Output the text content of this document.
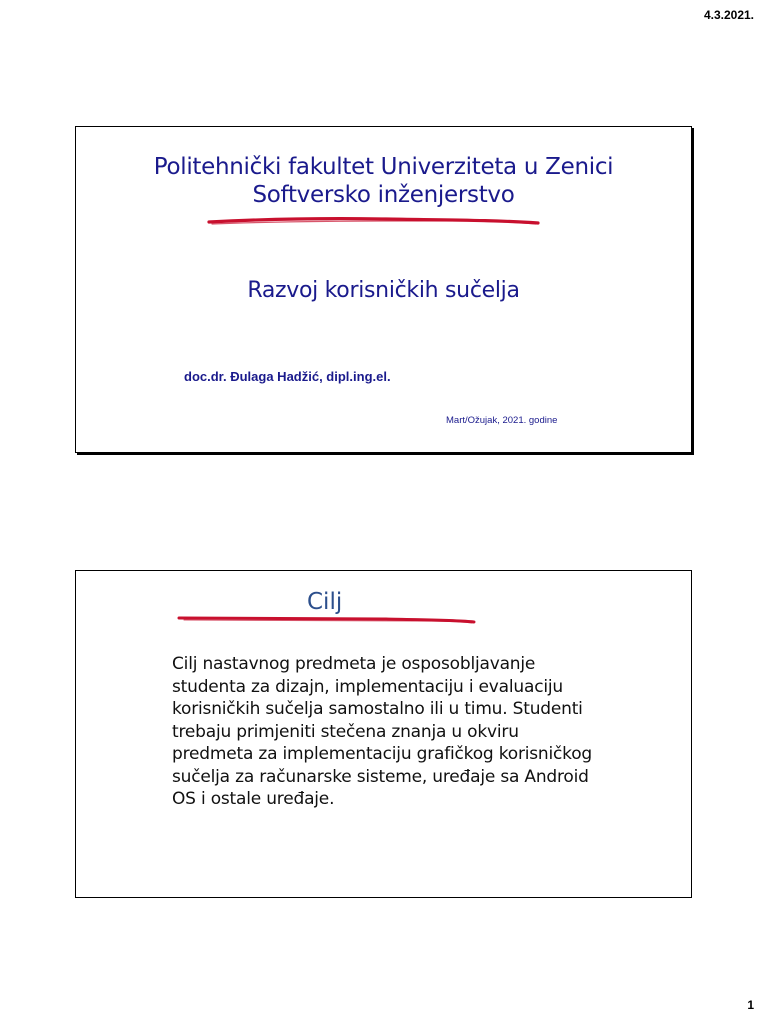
4.3.2021.
Politehnički fakultet Univerziteta u Zenici
Softversko inženjerstvo
Razvoj korisničkih sučelja
doc.dr. Đulaga Hadžić, dipl.ing.el.
Mart/Ožujak, 2021. godine
Cilj
Cilj nastavnog predmeta je osposobljavanje studenta za dizajn, implementaciju i evaluaciju korisničkih sučelja samostalno ili u timu. Studenti trebaju primjeniti stečena znanja u okviru predmeta za implementaciju grafičkog korisničkog sučelja za računarske sisteme, uređaje sa Android OS i ostale uređaje.
1
